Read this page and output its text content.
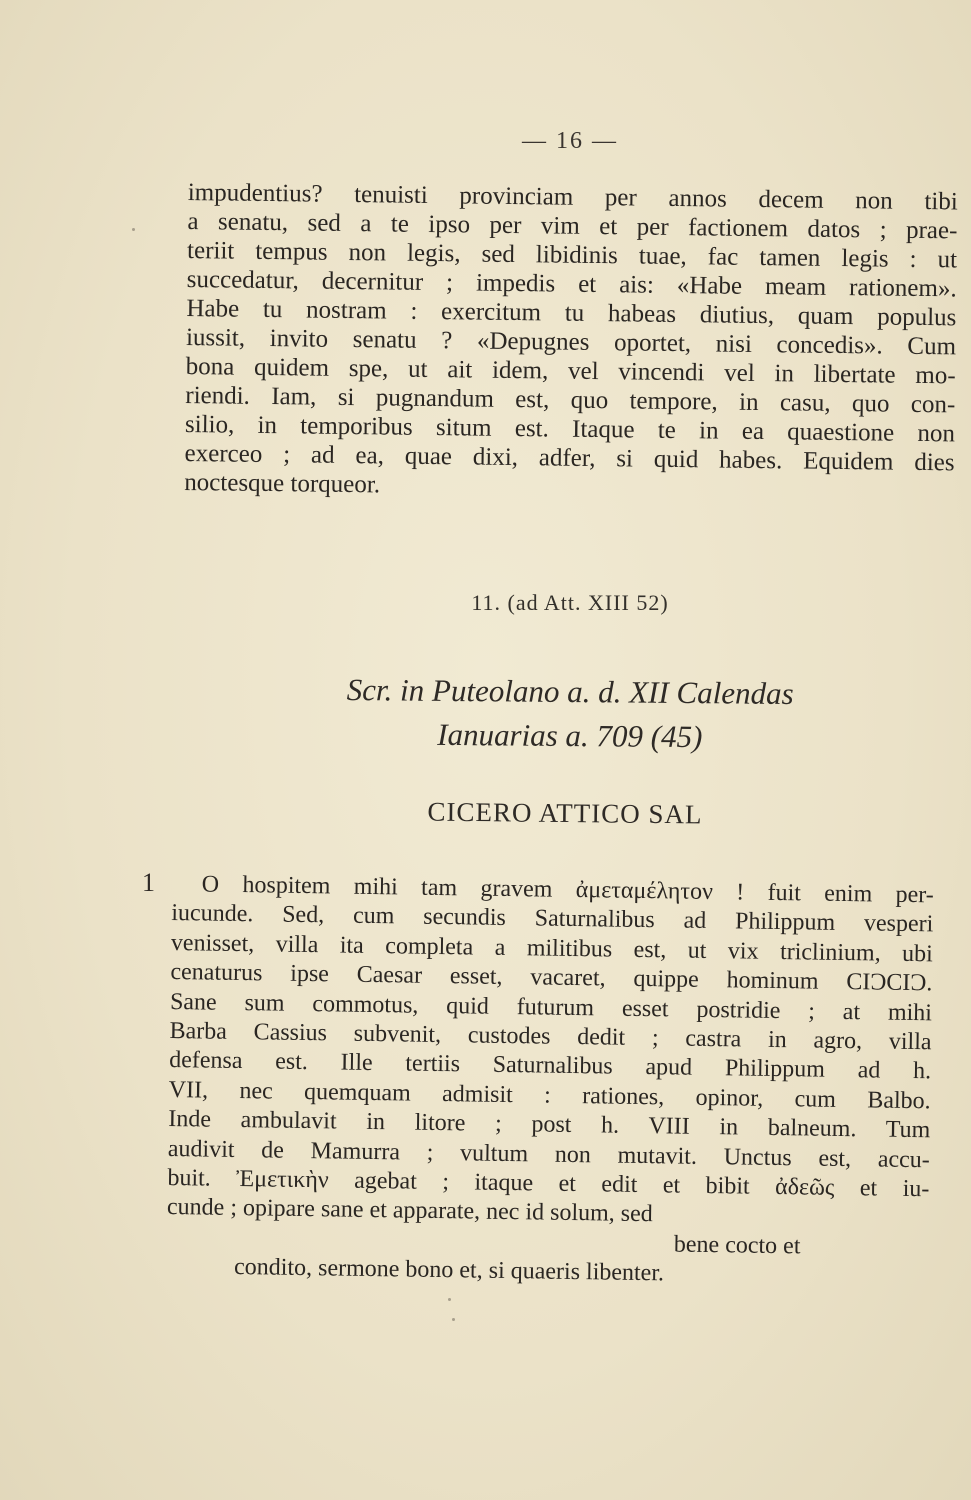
— 16 —
impudentius? tenuisti provinciam per annos decem non tibi
a senatu, sed a te ipso per vim et per factionem datos ; prae-
teriit tempus non legis, sed libidinis tuae, fac tamen legis : ut
succedatur, decernitur ; impedis et ais: «Habe meam rationem».
Habe tu nostram : exercitum tu habeas diutius, quam populus
iussit, invito senatu ? «Depugnes oportet, nisi concedis». Cum
bona quidem spe, ut ait idem, vel vincendi vel in libertate mo-
riendi. Iam, si pugnandum est, quo tempore, in casu, quo con-
silio, in temporibus situm est. Itaque te in ea quaestione non
exerceo ; ad ea, quae dixi, adfer, si quid habes. Equidem dies
noctesque torqueor.
11. (ad Att. XIII 52)
Scr. in Puteolano a. d. XII Calendas
Ianuarias a. 709 (45)
CICERO ATTICO SAL
1	O hospitem mihi tam gravem ἀμεταμέλητον ! fuit enim per-
iucunde. Sed, cum secundis Saturnalibus ad Philippum vesperi
venisset, villa ita completa a militibus est, ut vix triclinium, ubi
cenaturus ipse Caesar esset, vacaret, quippe hominum CIƆCIƆ.
Sane sum commotus, quid futurum esset postridie ; at mihi
Barba Cassius subvenit, custodes dedit ; castra in agro, villa
defensa est. Ille tertiis Saturnalibus apud Philippum ad h.
VII, nec quemquam admisit : rationes, opinor, cum Balbo.
Inde ambulavit in litore ; post h. VIII in balneum. Tum
audivit de Mamurra ; vultum non mutavit. Unctus est, accu-
buit. Ἐμετικὴν agebat ; itaque et edit et bibit ἀδεῶς et iu-
cunde ; opipare sane et apparate, nec id solum, sed
bene cocto et
condito, sermone bono et, si quaeris libenter.
